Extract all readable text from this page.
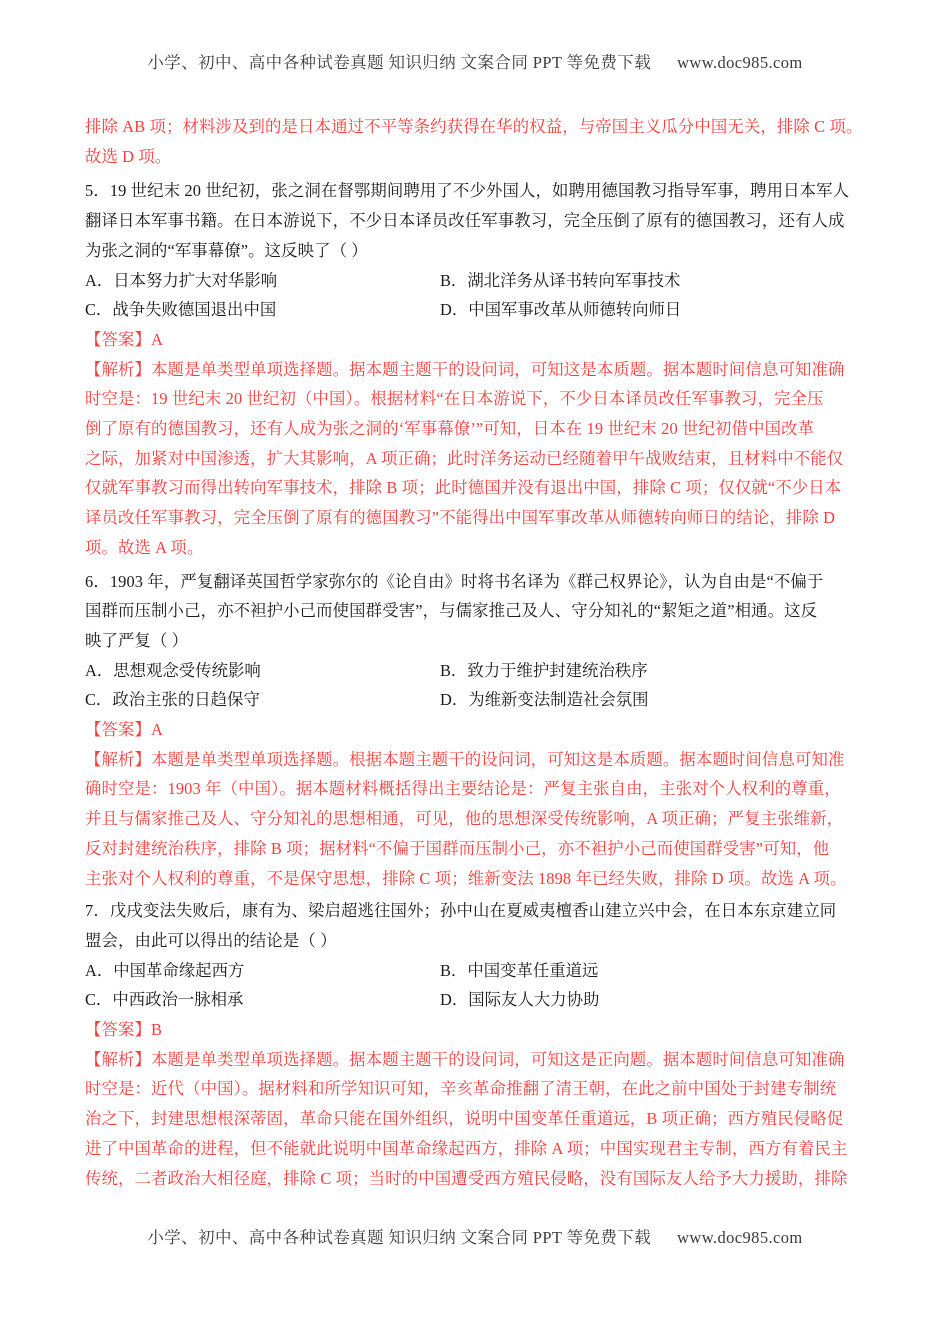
小学、初中、高中各种试卷真题 知识归纳 文案合同 PPT 等免费下载 www.doc985.com
排除 AB 项；材料涉及到的是日本通过不平等条约获得在华的权益，与帝国主义瓜分中国无关，排除 C 项。
故选 D 项。
5．19 世纪末 20 世纪初，张之洞在督鄂期间聘用了不少外国人，如聘用德国教习指导军事，聘用日本军人
翻译日本军事书籍。在日本游说下，不少日本译员改任军事教习，完全压倒了原有的德国教习，还有人成
为张之洞的“军事幕僚”。这反映了（ ）
A．日本努力扩大对华影响	B．湖北洋务从译书转向军事技术
C．战争失败德国退出中国	D．中国军事改革从师德转向师日
【答案】A
【解析】本题是单类型单项选择题。据本题主题干的设问词，可知这是本质题。据本题时间信息可知准确
时空是：19 世纪末 20 世纪初（中国）。根据材料“在日本游说下，不少日本译员改任军事教习，完全压
倒了原有的德国教习，还有人成为张之洞的‘军事幕僚’”可知，日本在 19 世纪末 20 世纪初借中国改革
之际，加紧对中国渗透，扩大其影响，A 项正确；此时洋务运动已经随着甲午战败结束，且材料中不能仅
仅就军事教习而得出转向军事技术，排除 B 项；此时德国并没有退出中国，排除 C 项；仅仅就“不少日本
译员改任军事教习，完全压倒了原有的德国教习”不能得出中国军事改革从师德转向师日的结论，排除 D
项。故选 A 项。
6．1903 年，严复翻译英国哲学家弥尔的《论自由》时将书名译为《群己权界论》，认为自由是“不偏于
国群而压制小己，亦不袒护小己而使国群受害”，与儒家推己及人、守分知礼的“絜矩之道”相通。这反
映了严复（ ）
A．思想观念受传统影响	B．致力于维护封建统治秩序
C．政治主张的日趋保守	D．为维新变法制造社会氛围
【答案】A
【解析】本题是单类型单项选择题。根据本题主题干的设问词，可知这是本质题。据本题时间信息可知准
确时空是：1903 年（中国）。据本题材料概括得出主要结论是：严复主张自由，主张对个人权利的尊重，
并且与儒家推己及人、守分知礼的思想相通，可见，他的思想深受传统影响，A 项正确；严复主张维新，
反对封建统治秩序，排除 B 项；据材料“不偏于国群而压制小己，亦不袒护小己而使国群受害”可知，他
主张对个人权利的尊重，不是保守思想，排除 C 项；维新变法 1898 年已经失败，排除 D 项。故选 A 项。
7．戊戌变法失败后，康有为、梁启超逃往国外；孙中山在夏威夷檀香山建立兴中会，在日本东京建立同
盟会，由此可以得出的结论是（ ）
A．中国革命缘起西方	B．中国变革任重道远
C．中西政治一脉相承	D．国际友人大力协助
【答案】B
【解析】本题是单类型单项选择题。据本题主题干的设问词，可知这是正向题。据本题时间信息可知准确
时空是：近代（中国）。据材料和所学知识可知，辛亥革命推翻了清王朝，在此之前中国处于封建专制统
治之下，封建思想根深蒂固，革命只能在国外组织，说明中国变革任重道远，B 项正确；西方殖民侵略促
进了中国革命的进程，但不能就此说明中国革命缘起西方，排除 A 项；中国实现君主专制，西方有着民主
传统，二者政治大相径庭，排除 C 项；当时的中国遭受西方殖民侵略，没有国际友人给予大力援助，排除
小学、初中、高中各种试卷真题 知识归纳 文案合同 PPT 等免费下载 www.doc985.com
